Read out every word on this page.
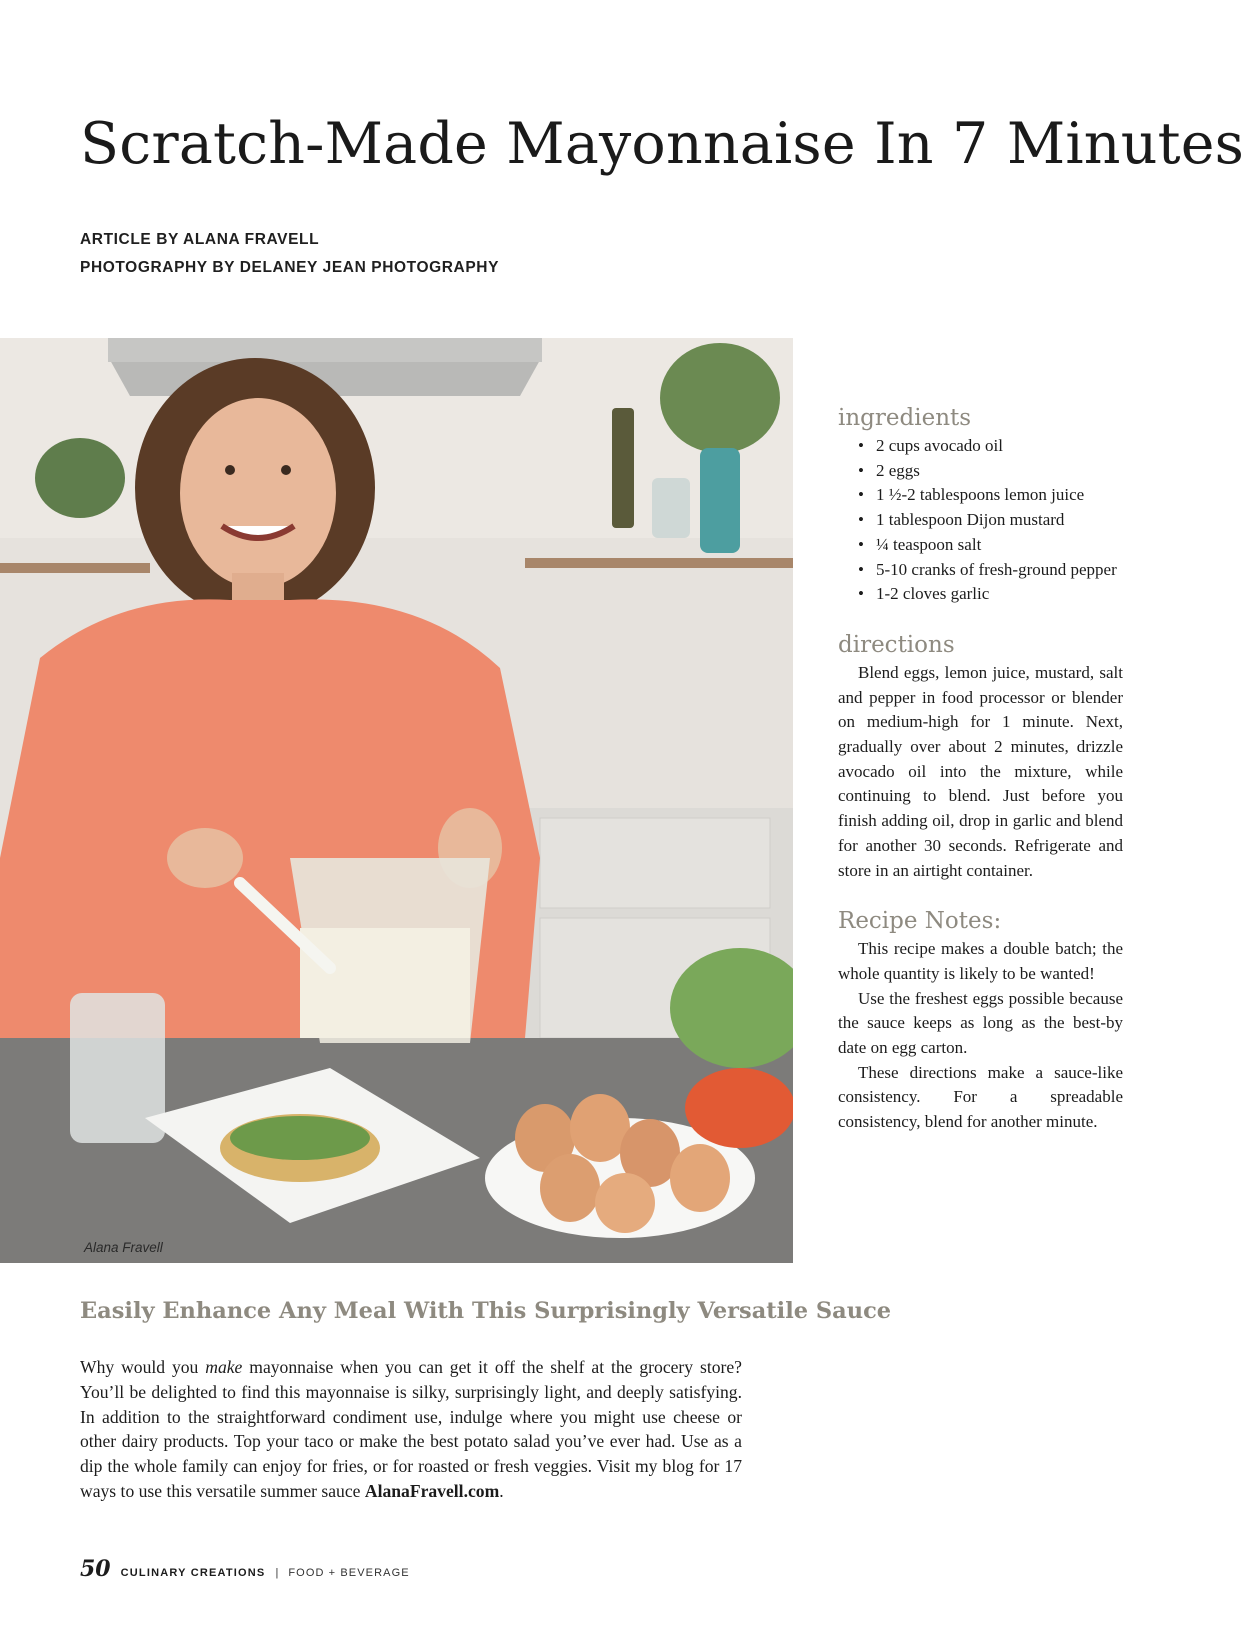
Scratch-Made Mayonnaise In 7 Minutes
ARTICLE BY ALANA FRAVELL
PHOTOGRAPHY BY DELANEY JEAN PHOTOGRAPHY
Alana Fravell
ingredients
• 2 cups avocado oil
• 2 eggs
• 1 ½-2 tablespoons lemon juice
• 1 tablespoon Dijon mustard
• ¼ teaspoon salt
• 5-10 cranks of fresh-ground pepper
• 1-2 cloves garlic
directions

Blend eggs, lemon juice, mustard, salt and pepper in food processor or blender on medium-high for 1 minute. Next, gradually over about 2 minutes, drizzle avocado oil into the mixture, while continuing to blend. Just before you finish adding oil, drop in garlic and blend for another 30 seconds. Refrigerate and store in an airtight container.

Recipe Notes:

This recipe makes a double batch; the whole quantity is likely to be wanted!

Use the freshest eggs possible because the sauce keeps as long as the best-by date on egg carton.

These directions make a sauce-like consistency. For a spreadable consistency, blend for another minute.

Easily Enhance Any Meal With This Surprisingly Versatile Sauce

Why would you make mayonnaise when you can get it off the shelf at the grocery store? You’ll be delighted to find this mayonnaise is silky, surprisingly light, and deeply satisfying. In addition to the straightforward condiment use, indulge where you might use cheese or other dairy products. Top your taco or make the best potato salad you’ve ever had. Use as a dip the whole family can enjoy for fries, or for roasted or fresh veggies. Visit my blog for 17 ways to use this versatile summer sauce AlanaFravell.com.

50 CULINARY CREATIONS | FOOD + BEVERAGE
